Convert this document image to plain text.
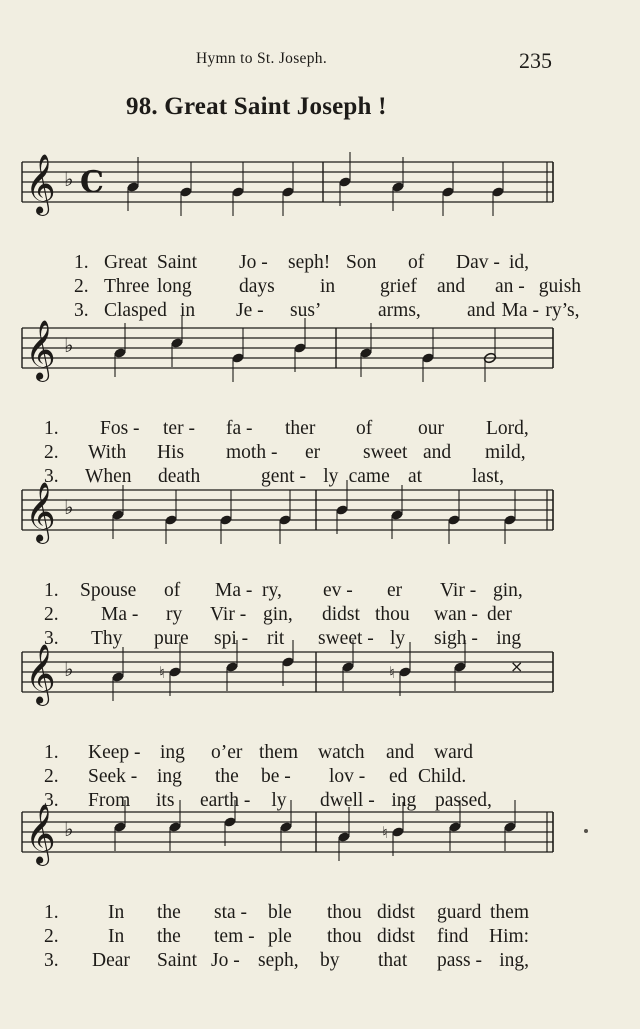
Hymn to St. Joseph.	235
98. Great Saint Joseph !
𝄞 ♭ C
1. Great Saint Jo - seph! Son of Dav - id,
2. Three long days in grief and an - guish
3. Clasped in Je - sus’	arms, and Ma - ry’s,
𝄞 ♭
1. Fos - ter - fa - ther of our Lord,
2. With His moth - er sweet and mild,
3. When death	gent - ly came at	last,
𝄞 ♭
1. Spouse of Ma - ry, ev - er Vir - gin,
2. Ma - ry Vir - gin, didst thou wan - der
3. Thy pure spi - rit sweet - ly sigh - ing
𝄞 ♭	♮	♮	×
1. Keep - ing o’er them watch and ward
2. Seek - ing the be - lov - ed Child.
3. From its earth - ly dwell - ing passed,
𝄞 ♭	♮
1.	In the sta - ble thou didst guard them
2.	In the tem - ple thou didst find Him:
3. Dear Saint Jo - seph, by that pass - ing,
